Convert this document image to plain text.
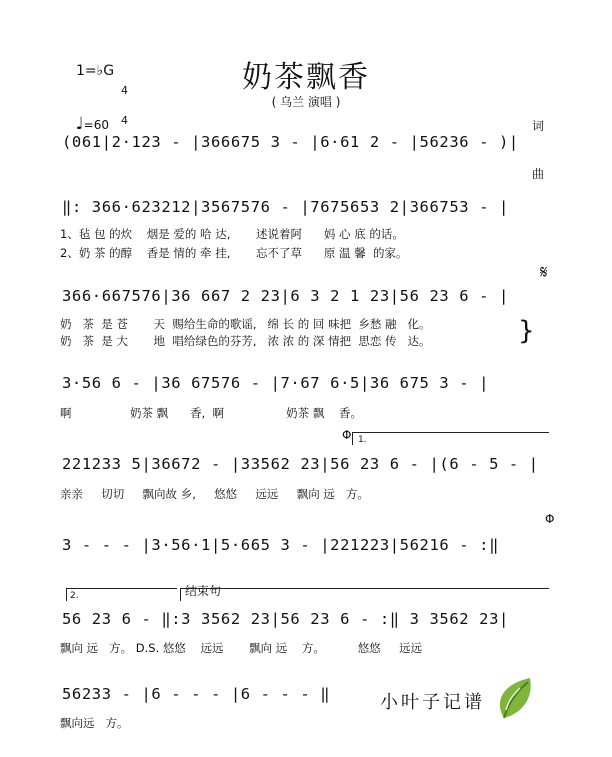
奶茶飘香
( 乌兰 演唱 )
1=♭G

4

4

♩=60

	词

曲

(061|2·123 - |366675 3 - |6·61 2 - |56236 - )|
‖: 366·623212|3567576 - |7675653 2|366753 - |
1、毡 包 的炊    烟是 爱的 哈 达,       述说着阿      妈 心 底 的话。
2、奶 茶 的醇    香是 情的 牵 挂,       忘不了草      原 温 馨  的家。
𝄋
366·667576|36 667 2 23|6 3 2 1 23|56 23 6 - |
奶   茶  是 苍       天  赐给生命的歌谣,   绵 长 的 回 味把  乡愁 融   化。
奶   茶  是 大       地  唱给绿色的芬芳,   浓 浓 的 深 情把  思恋 传   达。	}
3·56 6 - |36 67576 - |7·67 6·5|36 675 3 - |
啊                奶茶 飘      香,  啊                 奶茶 飘    香。
Φ 1.
221233 5|36672 - |33562 23|56 23 6 - |(6 - 5 - |
亲亲     切切     飘向故 乡,     悠悠     远远     飘向 远   方。
Φ
3 - - - |3·56·1|5·665 3 - |221223|56216 - :‖
2.	结束句
56 23 6 - ‖:3 3562 23|56 23 6 - :‖ 3 3562 23|
飘向 远   方。 D.S. 悠悠    远远       飘向 远    方。         悠悠     远远
56233 - |6 - - - |6 - - - ‖
飘向远   方。
小叶子记谱
